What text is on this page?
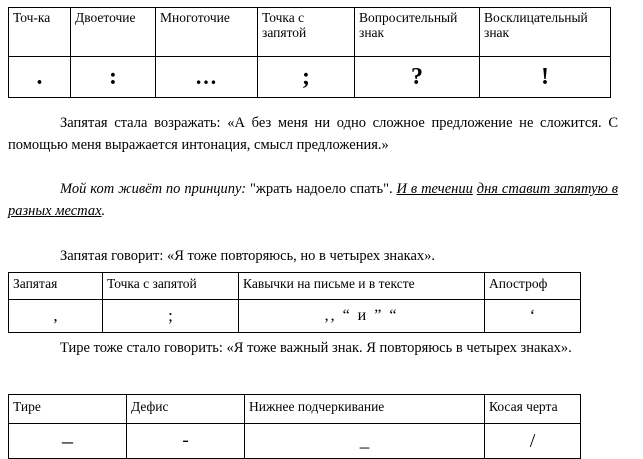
Точ-ка	Двоеточие	Многоточие	Точка с запятой	Вопросительный знак	Восклицательный знак
.	:	…	;	?	!
Запятая стала возражать: «А без меня ни одно сложное предложение не сложится. С помощью меня выражается интонация, смысл предложения.»
Мой кот живёт по принципу: "жрать надоело спать". И в течении дня ставит запятую в разных местах.
Запятая говорит: «Я тоже повторяюсь, но в четырех знаках».
Запятая	Точка с запятой	Кавычки на письме и в тексте	Апостроф
,	;	,, “ и ” “	‘
Тире тоже стало говорить: «Я тоже важный знак. Я повторяюсь в четырех знаках».
Тире	Дефис	Нижнее подчеркивание	Косая черта
–	-	_	/
